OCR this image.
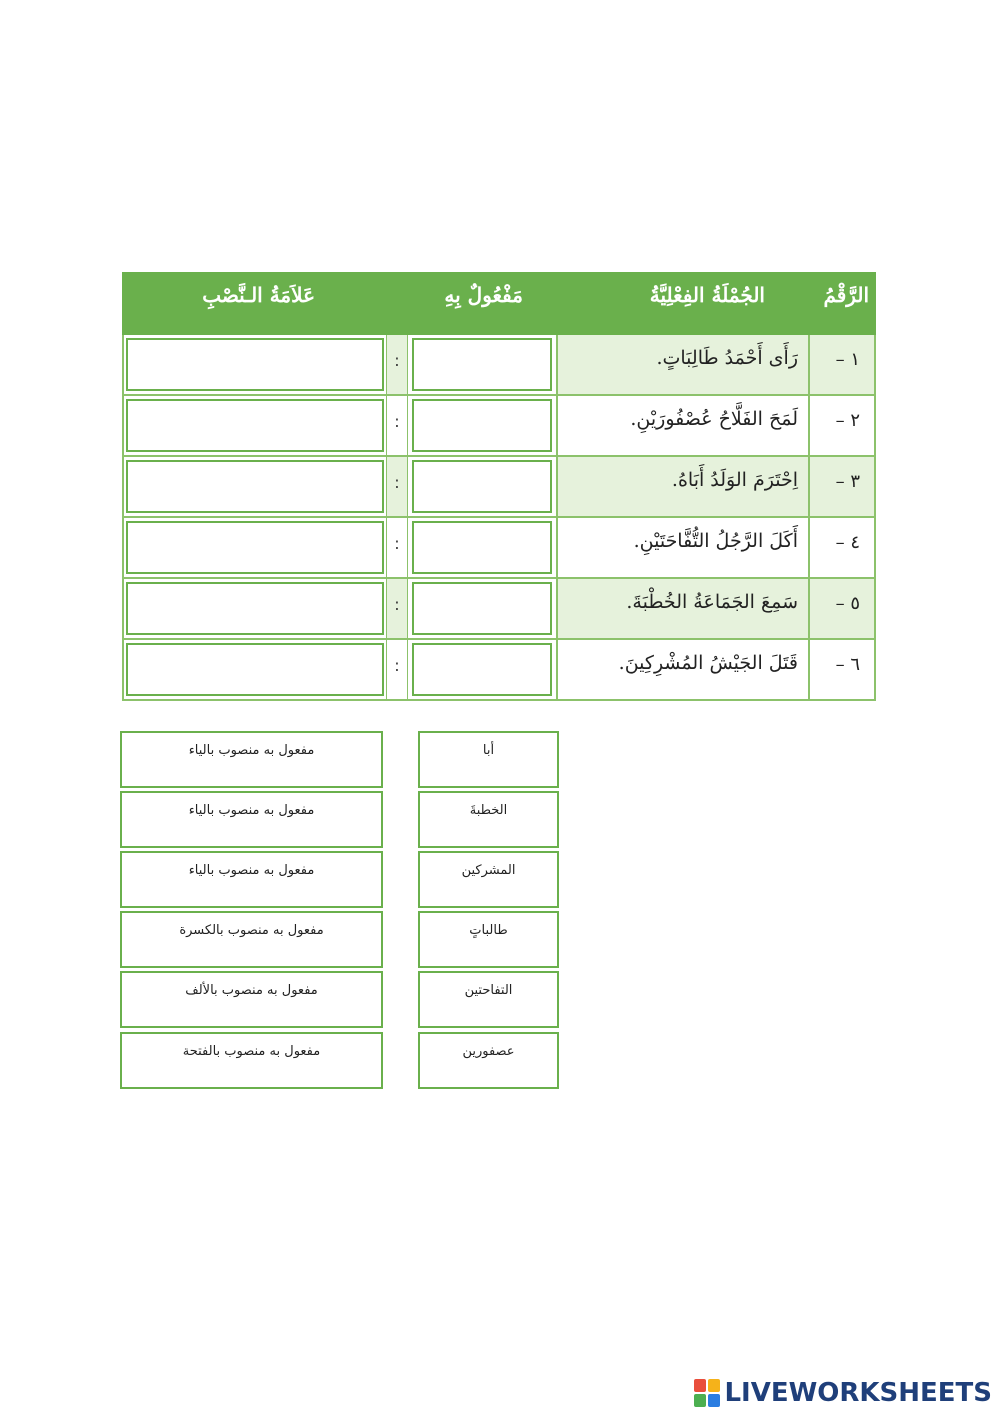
الرَّقْمُ
الجُمْلَةُ الفِعْلِيَّةُ
مَفْعُولٌ بِهِ
عَلاَمَةُ الـنَّصْبِ
١ –
رَأَى أَحْمَدُ طَالِبَاتٍ.
:
٢ –
لَمَحَ الفَلَّاحُ عُصْفُورَيْنِ.
:
٣ –
اِحْتَرَمَ الوَلَدُ أَبَاهُ.
:
٤ –
أَكَلَ الرَّجُلُ التُّفَّاحَتَيْنِ.
:
٥ –
سَمِعَ الجَمَاعَةُ الخُطْبَةَ.
:
٦ –
قَتَلَ الجَيْشُ المُشْرِكِينَ.
:
مفعول به منصوب بالياء
مفعول به منصوب بالياء
مفعول به منصوب بالياء
مفعول به منصوب بالكسرة
مفعول به منصوب بالألف
مفعول به منصوب بالفتحة
أبا
الخطبةَ
المشركين
طالباتٍ
التفاحتين
عصفورين
LIVEWORKSHEETS
